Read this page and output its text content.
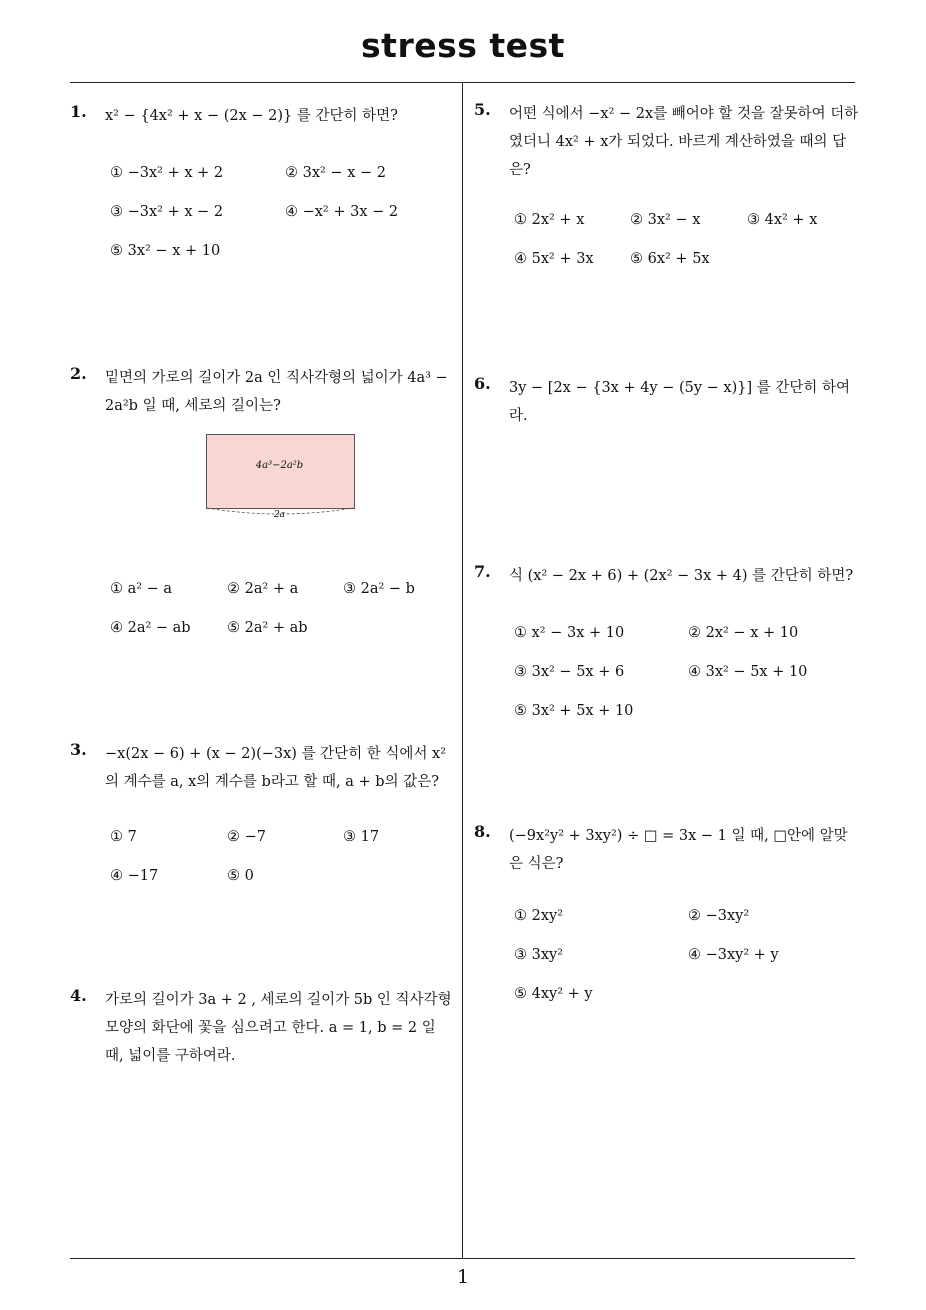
stress test
1
1. x² − {4x² + x − (2x − 2)} 를 간단히 하면?
① −3x² + x + 2	② 3x² − x − 2
③ −3x² + x − 2	④ −x² + 3x − 2
⑤ 3x² − x + 10
2. 밑면의 가로의 길이가 2a 인 직사각형의 넓이가 4a³ − 2a²b 일 때, 세로의 길이는?
4a³−2a²b
2a
① a² − a	② 2a² + a	③ 2a² − b
④ 2a² − ab	⑤ 2a² + ab
3. −x(2x − 6) + (x − 2)(−3x) 를 간단히 한 식에서 x² 의 계수를 a, x의 계수를 b라고 할 때, a + b의 값은?
① 7	② −7	③ 17
④ −17	⑤ 0
4. 가로의 길이가 3a + 2 , 세로의 길이가 5b 인 직사각형 모양의 화단에 꽃을 심으려고 한다. a = 1, b = 2 일 때, 넓이를 구하여라.
5. 어떤 식에서 −x² − 2x를 빼어야 할 것을 잘못하여 더하였더니 4x² + x가 되었다. 바르게 계산하였을 때의 답은?
① 2x² + x	② 3x² − x	③ 4x² + x
④ 5x² + 3x	⑤ 6x² + 5x
6. 3y − [2x − {3x + 4y − (5y − x)}] 를 간단히 하여라.
7. 식 (x² − 2x + 6) + (2x² − 3x + 4) 를 간단히 하면?
① x² − 3x + 10	② 2x² − x + 10
③ 3x² − 5x + 6	④ 3x² − 5x + 10
⑤ 3x² + 5x + 10
8. (−9x²y² + 3xy²) ÷ □ = 3x − 1 일 때, □안에 알맞은 식은?
① 2xy²	② −3xy²
③ 3xy²	④ −3xy² + y
⑤ 4xy² + y
